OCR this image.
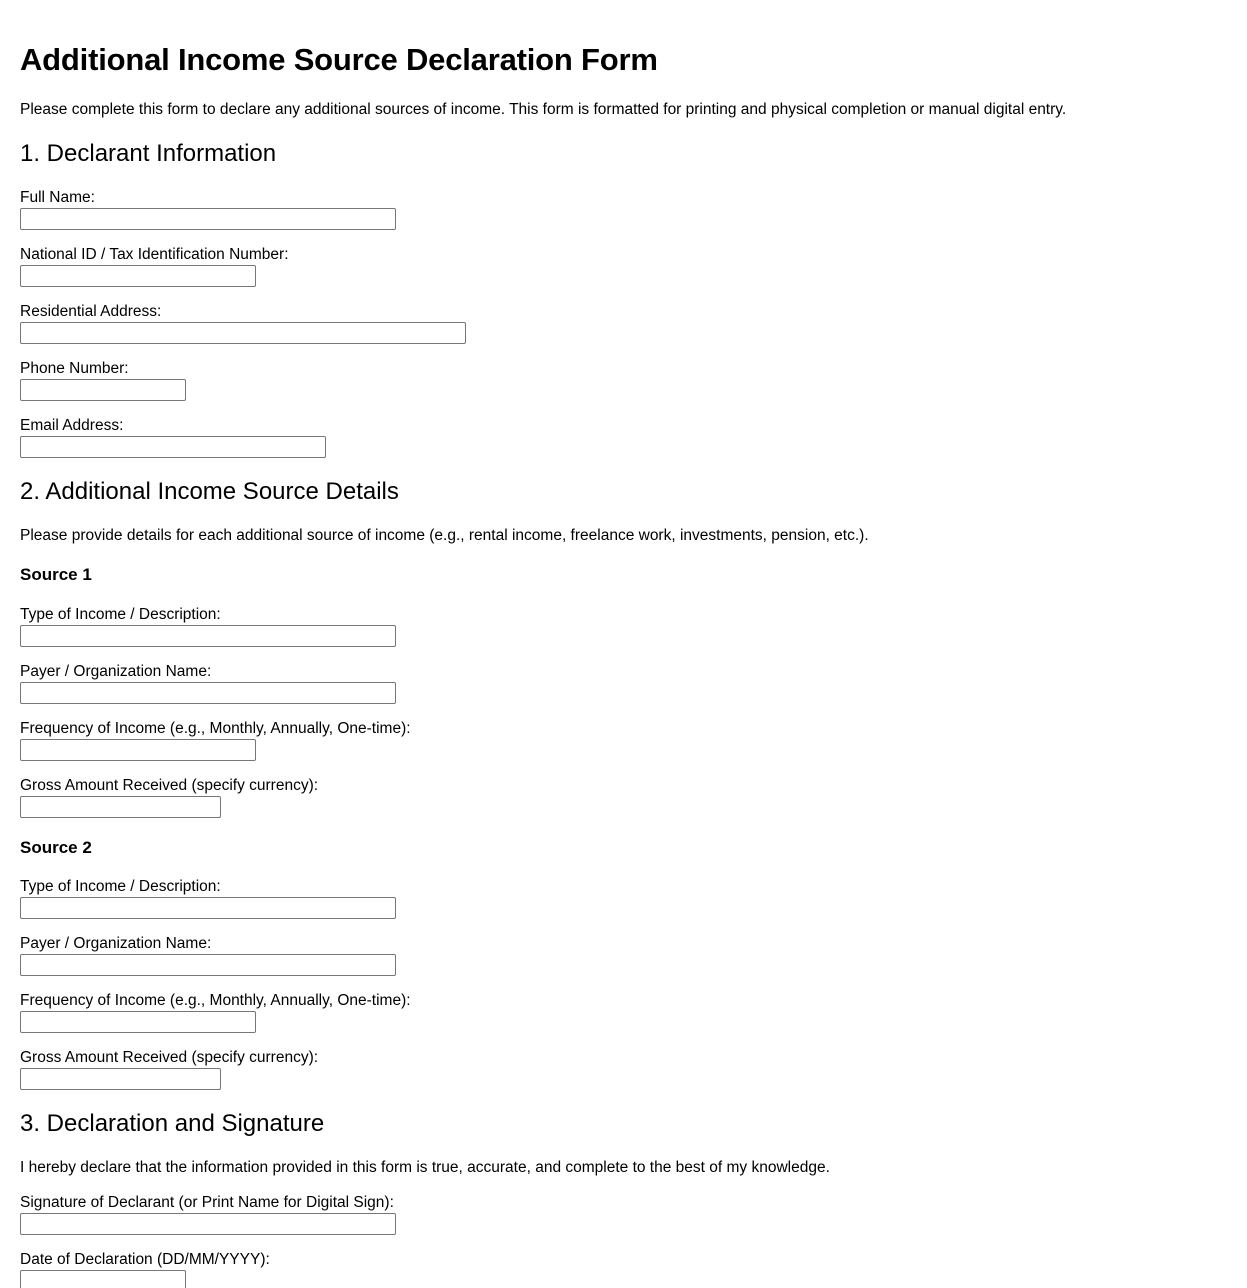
Additional Income Source Declaration Form

Please complete this form to declare any additional sources of income. This form is formatted for printing and physical completion or manual digital entry.

1. Declarant Information
Full Name:
National ID / Tax Identification Number:
Residential Address:
Phone Number:
Email Address:
2. Additional Income Source Details

Please provide details for each additional source of income (e.g., rental income, freelance work, investments, pension, etc.).

Source 1
Type of Income / Description:
Payer / Organization Name:
Frequency of Income (e.g., Monthly, Annually, One-time):
Gross Amount Received (specify currency):
Source 2
Type of Income / Description:
Payer / Organization Name:
Frequency of Income (e.g., Monthly, Annually, One-time):
Gross Amount Received (specify currency):
3. Declaration and Signature

I hereby declare that the information provided in this form is true, accurate, and complete to the best of my knowledge.

Signature of Declarant (or Print Name for Digital Sign):
Date of Declaration (DD/MM/YYYY):
